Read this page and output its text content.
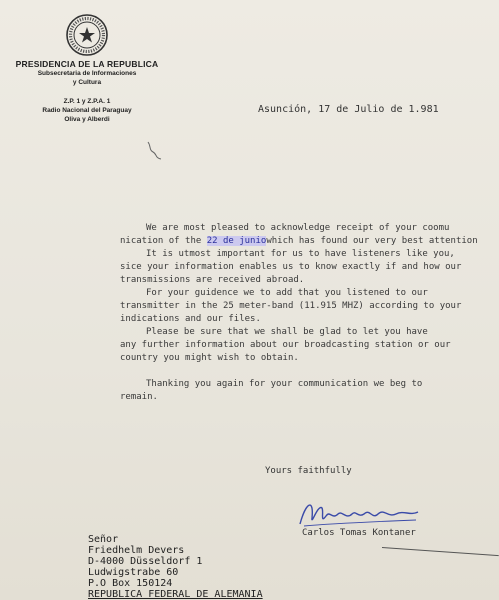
PRESIDENCIA DE LA REPUBLICA
Subsecretaria de Informaciones
y Cultura
Z.P. 1 y Z.P.A. 1
Radio Nacional del Paraguay
Oliva y Alberdi
Asunción, 17 de Julio de 1.981
We are most pleased to acknowledge receipt of your coomu
nication of the 22 de juniowhich has found our very best attention
It is utmost important for us to have listeners like you,
sice your information enables us to know exactly if and how our
transmissions are received abroad.
For your guidence we to add that you listened to our
transmitter in the 25 meter-band (11.915 MHZ) according to your
indications and our files.
Please be sure that we shall be glad to let you have
any further information about our broadcasting station or our
country you might wish to obtain.
Thanking you again for your communication we beg to
remain.
Yours faithfully
Carlos Tomas Kontaner
Señor
Friedhelm Devers
D-4000 Düsseldorf 1
Ludwigstrabe 60
P.O Box 150124
REPUBLICA FEDERAL DE ALEMANIA
